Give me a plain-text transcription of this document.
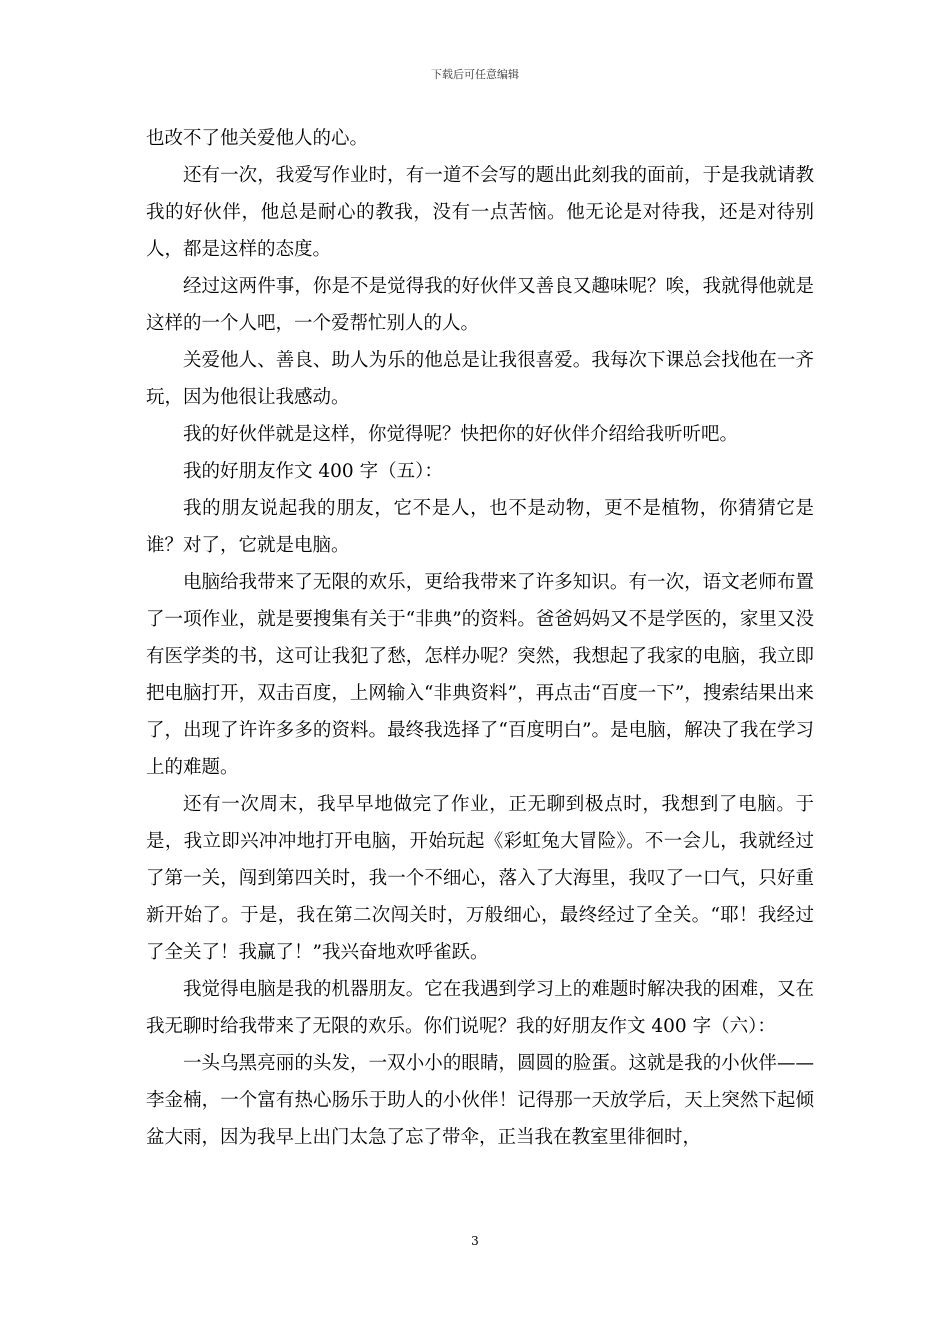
下载后可任意编辑

也改不了他关爱他人的心。

还有一次，我爱写作业时，有一道不会写的题出此刻我的面前，于是我就请教我的好伙伴，他总是耐心的教我，没有一点苦恼。他无论是对待我，还是对待别人，都是这样的态度。

经过这两件事，你是不是觉得我的好伙伴又善良又趣味呢？唉，我就得他就是这样的一个人吧，一个爱帮忙别人的人。

关爱他人、善良、助人为乐的他总是让我很喜爱。我每次下课总会找他在一齐玩，因为他很让我感动。

我的好伙伴就是这样，你觉得呢？快把你的好伙伴介绍给我听听吧。

我的好朋友作文 400 字（五）：

我的朋友说起我的朋友，它不是人，也不是动物，更不是植物，你猜猜它是谁？对了，它就是电脑。

电脑给我带来了无限的欢乐，更给我带来了许多知识。有一次，语文老师布置了一项作业，就是要搜集有关于“非典”的资料。爸爸妈妈又不是学医的，家里又没有医学类的书，这可让我犯了愁，怎样办呢？突然，我想起了我家的电脑，我立即把电脑打开，双击百度，上网输入“非典资料”，再点击“百度一下”，搜索结果出来了，出现了许许多多的资料。最终我选择了“百度明白”。是电脑，解决了我在学习上的难题。

还有一次周末，我早早地做完了作业，正无聊到极点时，我想到了电脑。于是，我立即兴冲冲地打开电脑，开始玩起《彩虹兔大冒险》。不一会儿，我就经过了第一关，闯到第四关时，我一个不细心，落入了大海里，我叹了一口气，只好重新开始了。于是，我在第二次闯关时，万般细心，最终经过了全关。“耶！我经过了全关了！我赢了！”我兴奋地欢呼雀跃。

我觉得电脑是我的机器朋友。它在我遇到学习上的难题时解决我的困难，又在我无聊时给我带来了无限的欢乐。你们说呢？我的好朋友作文 400 字（六）：

一头乌黑亮丽的头发，一双小小的眼睛，圆圆的脸蛋。这就是我的小伙伴——李金楠，一个富有热心肠乐于助人的小伙伴！记得那一天放学后，天上突然下起倾盆大雨，因为我早上出门太急了忘了带伞，正当我在教室里徘徊时，

3
